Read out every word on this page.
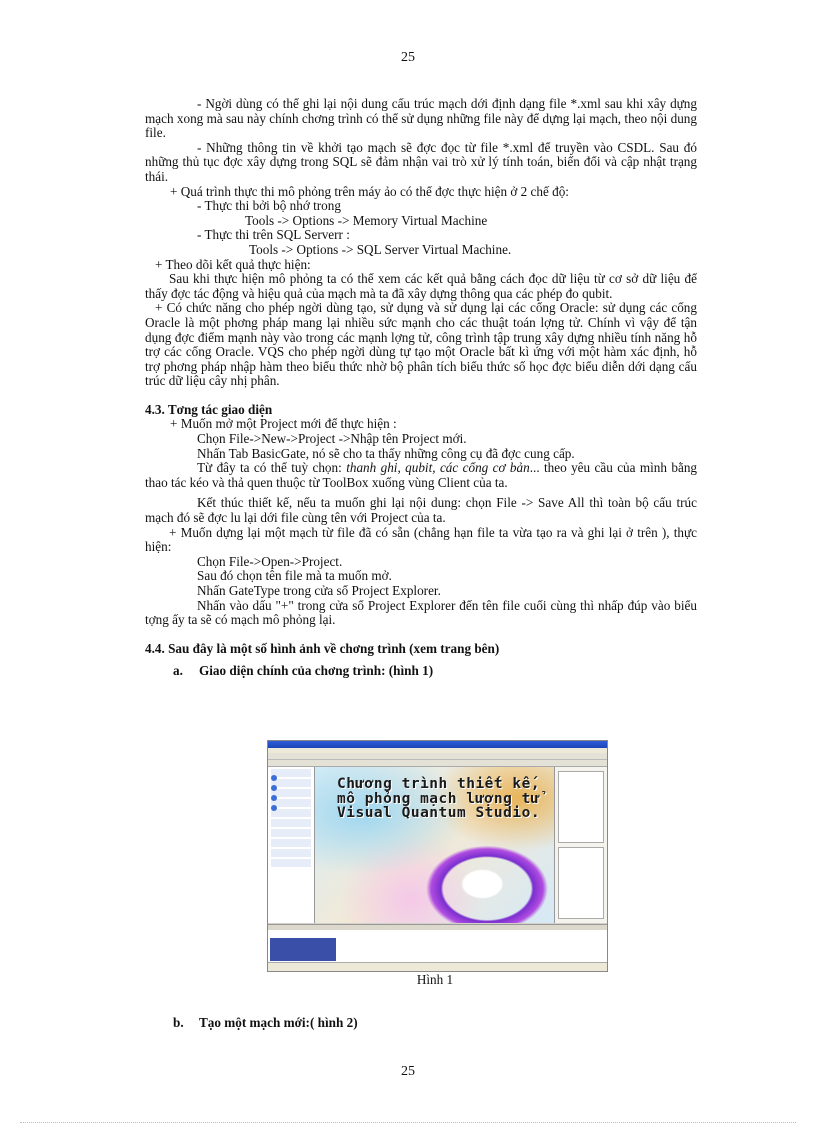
25

- Ngời dùng có thể ghi lại nội dung cấu trúc mạch dới định dạng file *.xml sau khi xây dựng mạch xong mà sau này chính chơng trình có thể sử dụng những file này để dựng lại mạch, theo nội dung file.

- Những thông tin về khởi tạo mạch sẽ đợc đọc từ file *.xml để truyền vào CSDL. Sau đó những thủ tục đợc xây dựng trong SQL sẽ đảm nhận vai trò xử lý tính toán, biến đổi và cập nhật trạng thái.

+ Quá trình thực thi mô phỏng trên máy ảo có thể đợc thực hiện ở 2 chế độ:

- Thực thi bởi bộ nhớ trong

Tools -> Options -> Memory Virtual Machine

- Thực thi trên SQL Serverr :

Tools -> Options -> SQL Server Virtual Machine.

+ Theo dõi kết quả thực hiện:

Sau khi thực hiện mô phỏng ta có thể xem các kết quả bằng cách đọc dữ liệu từ cơ sở dữ liệu để thấy đợc tác động và hiệu quả của mạch mà ta đã xây dựng thông qua các phép đo qubit.

+ Có chức năng cho phép ngời dùng tạo, sử dụng và sử dụng lại các cổng Oracle: sử dụng các cổng Oracle là một phơng pháp mang lại nhiều sức mạnh cho các thuật toán lợng tử. Chính vì vậy để tận dụng đợc điểm mạnh này vào trong các mạnh lợng tử, công trình tập trung xây dựng nhiều tính năng hỗ trợ các cổng Oracle. VQS cho phép ngời dùng tự tạo một Oracle bất kì ứng với một hàm xác định, hỗ trợ phơng pháp nhập hàm theo biểu thức nhờ bộ phân tích biểu thức số học đợc biểu diễn dới dạng cấu trúc dữ liệu cây nhị phân.

4.3. Tơng tác giao diện

+ Muốn mở một Project mới để thực hiện :

Chọn File->New->Project ->Nhập tên Project mới.

Nhấn Tab BasicGate, nó sẽ cho ta thấy những công cụ đã đợc cung cấp.

Từ đây ta có thể tuỳ chọn: thanh ghi, qubit, các cổng cơ bản... theo yêu cầu của mình bằng thao tác kéo và thả quen thuộc từ ToolBox xuống vùng Client của ta.

Kết thúc thiết kế, nếu ta muốn ghi lại nội dung: chọn File -> Save All thì toàn bộ cấu trúc mạch đó sẽ đợc lu lại dới file cùng tên với Project của ta.

+ Muốn dựng lại một mạch từ file đã có sẵn (chẳng hạn file ta vừa tạo ra và ghi lại ở trên ), thực hiện:

Chọn File->Open->Project.

Sau đó chọn tên file mà ta muốn mở.

Nhấn GateType trong cửa sổ Project Explorer.

Nhấn vào dấu "+" trong cửa sổ Project Explorer đến tên file cuối cùng thì nhấp đúp vào biểu tợng ấy ta sẽ có mạch mô phỏng lại.

4.4. Sau đây là một số hình ảnh về chơng trình (xem trang bên)

a. Giao diện chính của chơng trình: (hình 1)

Chương trình thiết kế, mô phỏng mạch lượng tử Visual Quantum Studio.
Hình 1
b. Tạo một mạch mới:( hình 2)
25
